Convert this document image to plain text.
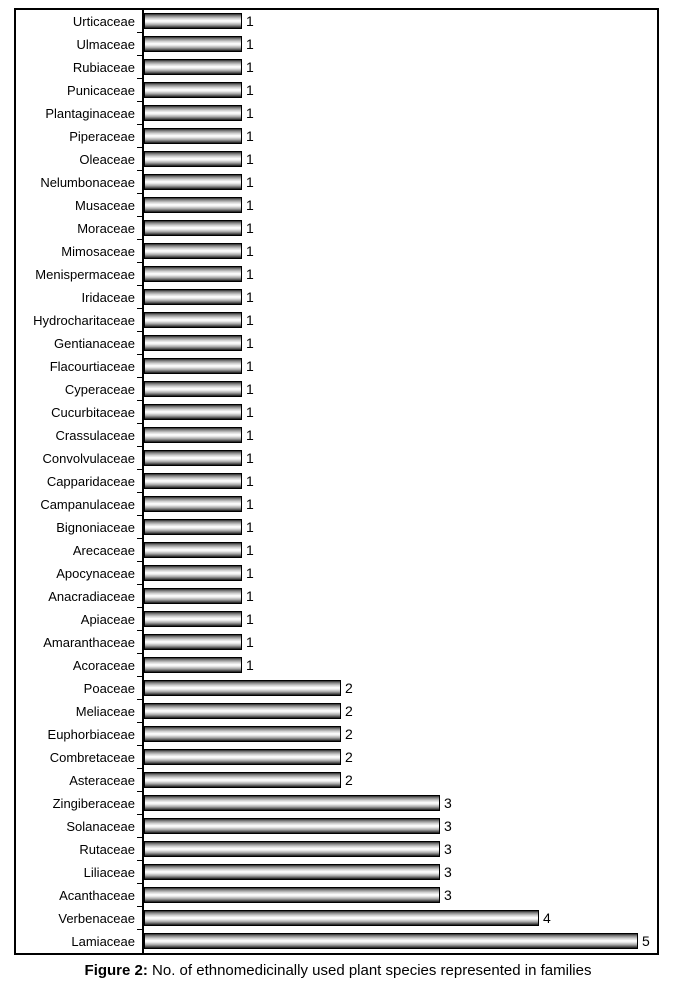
Urticaceae	1
Ulmaceae	1
Rubiaceae	1
Punicaceae	1
Plantaginaceae	1
Piperaceae	1
Oleaceae	1
Nelumbonaceae	1
Musaceae	1
Moraceae	1
Mimosaceae	1
Menispermaceae	1
Iridaceae	1
Hydrocharitaceae	1
Gentianaceae	1
Flacourtiaceae	1
Cyperaceae	1
Cucurbitaceae	1
Crassulaceae	1
Convolvulaceae	1
Capparidaceae	1
Campanulaceae	1
Bignoniaceae	1
Arecaceae	1
Apocynaceae	1
Anacradiaceae	1
Apiaceae	1
Amaranthaceae	1
Acoraceae	1
Poaceae	2
Meliaceae	2
Euphorbiaceae	2
Combretaceae	2
Asteraceae	2
Zingiberaceae	3
Solanaceae	3
Rutaceae	3
Liliaceae	3
Acanthaceae	3
Verbenaceae	4
Lamiaceae	5
Figure 2: No. of ethnomedicinally used plant species represented in families
